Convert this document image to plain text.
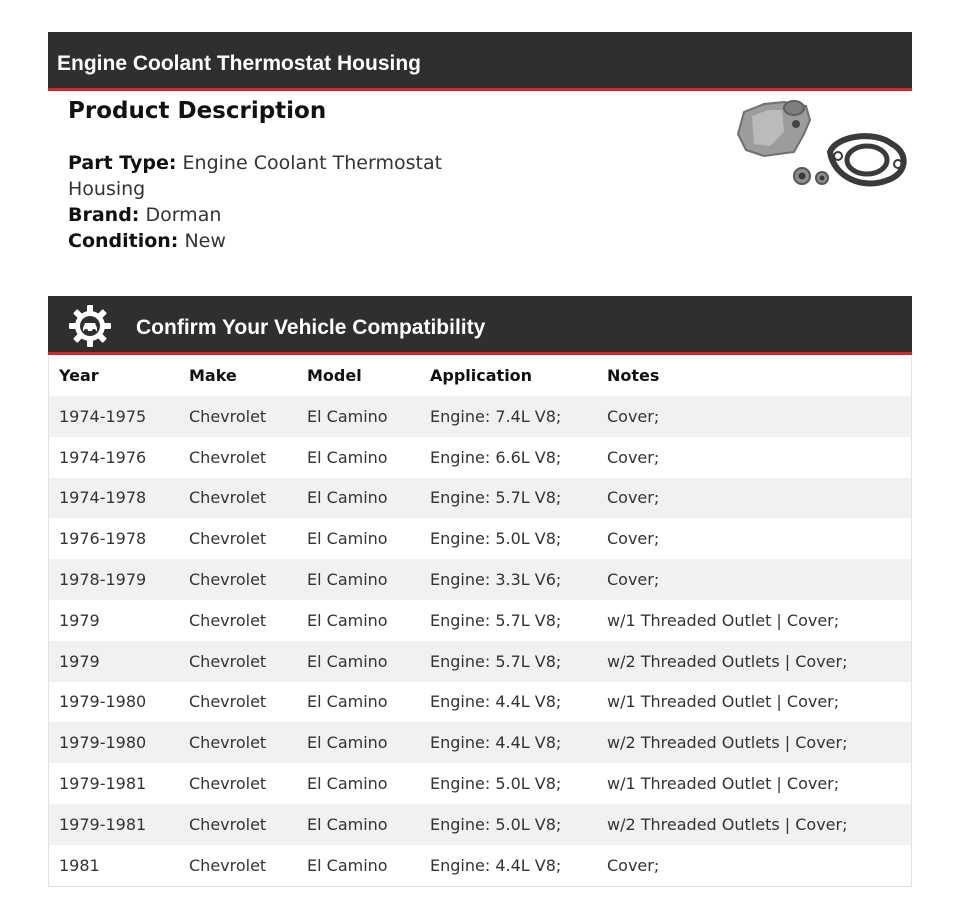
Engine Coolant Thermostat Housing
Product Description
Part Type: Engine Coolant Thermostat
Housing
Brand: Dorman
Condition: New
Confirm Your Vehicle Compatibility
Year	Make	Model	Application	Notes
1974-1975	Chevrolet	El Camino	Engine: 7.4L V8;	Cover;
1974-1976	Chevrolet	El Camino	Engine: 6.6L V8;	Cover;
1974-1978	Chevrolet	El Camino	Engine: 5.7L V8;	Cover;
1976-1978	Chevrolet	El Camino	Engine: 5.0L V8;	Cover;
1978-1979	Chevrolet	El Camino	Engine: 3.3L V6;	Cover;
1979	Chevrolet	El Camino	Engine: 5.7L V8;	w/1 Threaded Outlet | Cover;
1979	Chevrolet	El Camino	Engine: 5.7L V8;	w/2 Threaded Outlets | Cover;
1979-1980	Chevrolet	El Camino	Engine: 4.4L V8;	w/1 Threaded Outlet | Cover;
1979-1980	Chevrolet	El Camino	Engine: 4.4L V8;	w/2 Threaded Outlets | Cover;
1979-1981	Chevrolet	El Camino	Engine: 5.0L V8;	w/1 Threaded Outlet | Cover;
1979-1981	Chevrolet	El Camino	Engine: 5.0L V8;	w/2 Threaded Outlets | Cover;
1981	Chevrolet	El Camino	Engine: 4.4L V8;	Cover;
